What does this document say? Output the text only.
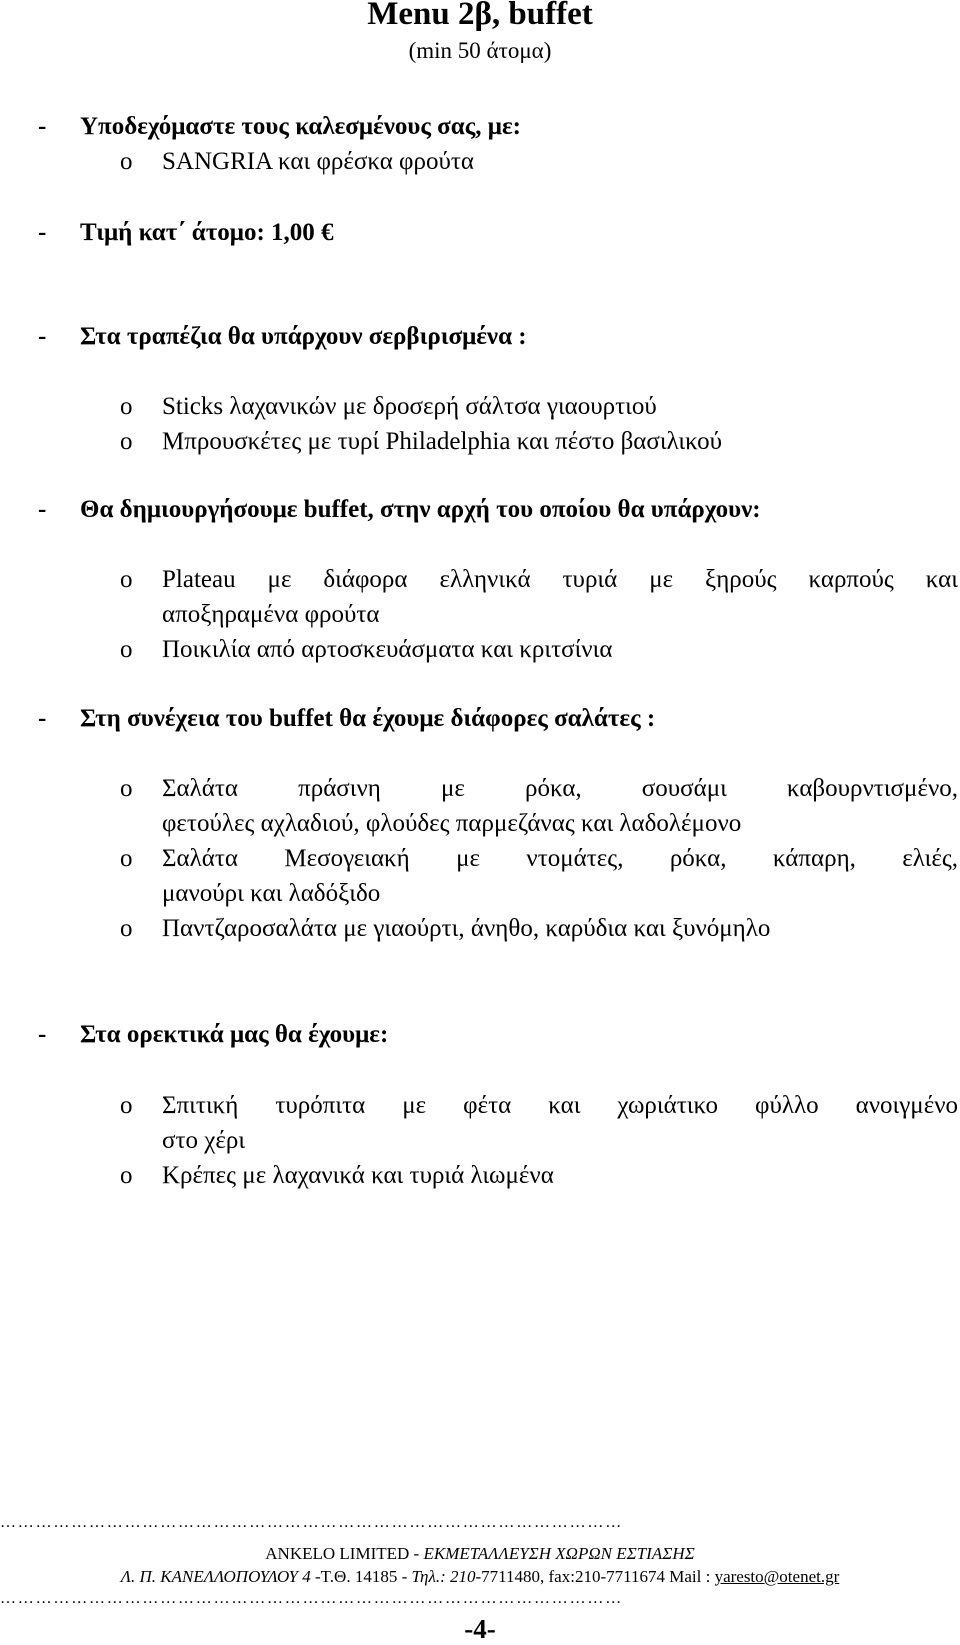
Menu 2β, buffet
(min 50 άτομα)
- Υποδεχόμαστε τους καλεσμένους σας, με:
o SANGRIA και φρέσκα φρούτα
- Τιμή κατ΄ άτομο: 1,00 €
- Στα τραπέζια θα υπάρχουν σερβιρισμένα :
o Sticks λαχανικών με δροσερή σάλτσα γιαουρτιού
o Μπρουσκέτες με τυρί Philadelphia και πέστο βασιλικού
- Θα δημιουργήσουμε buffet, στην αρχή του οποίου θα υπάρχουν:
o Plateau με διάφορα ελληνικά τυριά με ξηρούς καρπούς και
αποξηραμένα φρούτα
o Ποικιλία από αρτοσκευάσματα και κριτσίνια
- Στη συνέχεια του buffet θα έχουμε διάφορες σαλάτες :
o Σαλάτα πράσινη με ρόκα, σουσάμι καβουρντισμένο,
φετούλες αχλαδιού, φλούδες παρμεζάνας και λαδολέμονο
o Σαλάτα Μεσογειακή με ντομάτες, ρόκα, κάπαρη, ελιές,
μανούρι και λαδόξιδο
o Παντζαροσαλάτα με γιαούρτι, άνηθο, καρύδια και ξυνόμηλο
- Στα ορεκτικά μας θα έχουμε:
o Σπιτική τυρόπιτα με φέτα και χωριάτικο φύλλο ανοιγμένο
στο χέρι
o Κρέπες με λαχανικά και τυριά λιωμένα
……………………………………………………………………………………………
ANKELO LIMITED - ΕΚΜΕΤΑΛΛΕΥΣΗ ΧΩΡΩΝ ΕΣΤΙΑΣΗΣ
Λ. Π. ΚΑΝΕΛΛΟΠΟΥΛΟΥ 4 -Τ.Θ. 14185 - Τηλ.: 210-7711480, fax:210-7711674 Mail : yaresto@otenet.gr
……………………………………………………………………………………………
-4-
